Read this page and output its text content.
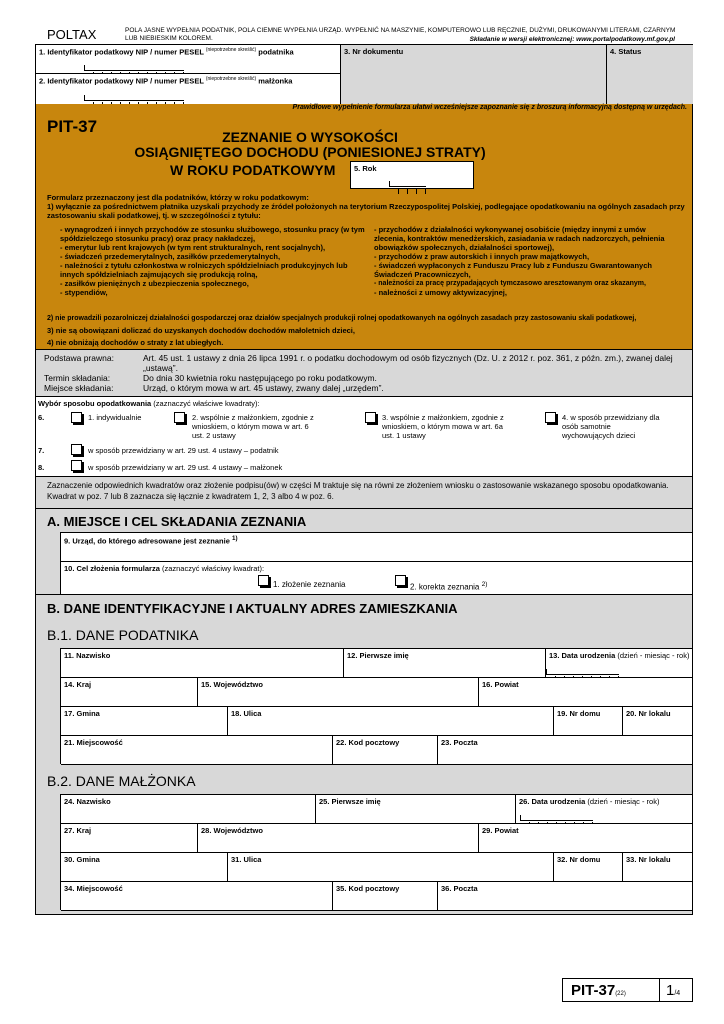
POLTAX	POLA JASNE WYPEŁNIA PODATNIK, POLA CIEMNE WYPEŁNIA URZĄD. WYPEŁNIĆ NA MASZYNIE, KOMPUTEROWO LUB RĘCZNIE, DUŻYMI, DRUKOWANYMI LITERAMI, CZARNYM LUB NIEBIESKIM KOLOREM.	Składanie w wersji elektronicznej: www.portalpodatkowy.mf.gov.pl
1. Identyfikator podatkowy NIP / numer PESEL $^{(niepotrzebne skreślić)}$ podatnika
2. Identyfikator podatkowy NIP / numer PESEL $^{(niepotrzebne skreślić)}$ małżonka
3. Nr dokumentu	4. Status
Prawidłowe wypełnienie formularza ułatwi wcześniejsze zapoznanie się z broszurą informacyjną dostępną w urzędach.
PIT-37
ZEZNANIE O WYSOKOŚCI
OSIĄGNIĘTEGO DOCHODU (PONIESIONEJ STRATY)
W ROKU PODATKOWYM 5. Rok
Formularz przeznaczony jest dla podatników, którzy w roku podatkowym:
1) wyłącznie za pośrednictwem płatnika uzyskali przychody ze źródeł położonych na terytorium Rzeczypospolitej Polskiej, podlegające opodatkowaniu na ogólnych zasadach przy zastosowaniu skali podatkowej, tj. w szczególności z tytułu:
- wynagrodzeń i innych przychodów ze stosunku służbowego, stosunku pracy (w tym spółdzielczego stosunku pracy) oraz pracy nakładczej,
- emerytur lub rent krajowych (w tym rent strukturalnych, rent socjalnych),
- świadczeń przedemerytalnych, zasiłków przedemerytalnych,
- należności z tytułu członkostwa w rolniczych spółdzielniach produkcyjnych lub innych spółdzielniach zajmujących się produkcją rolną,
- zasiłków pieniężnych z ubezpieczenia społecznego,
- stypendiów,
- przychodów z działalności wykonywanej osobiście (między innymi z umów zlecenia, kontraktów menedżerskich, zasiadania w radach nadzorczych, pełnienia obowiązków społecznych, działalności sportowej),
- przychodów z praw autorskich i innych praw majątkowych,
- świadczeń wypłaconych z Funduszu Pracy lub z Funduszu Gwarantowanych Świadczeń Pracowniczych,
- należności za pracę przypadających tymczasowo aresztowanym oraz skazanym,
- należności z umowy aktywizacyjnej,
2) nie prowadzili pozarolniczej działalności gospodarczej oraz działów specjalnych produkcji rolnej opodatkowanych na ogólnych zasadach przy zastosowaniu skali podatkowej,
3) nie są obowiązani doliczać do uzyskanych dochodów dochodów małoletnich dzieci,
4) nie obniżają dochodów o straty z lat ubiegłych.
Podstawa prawna:	Art. 45 ust. 1 ustawy z dnia 26 lipca 1991 r. o podatku dochodowym od osób fizycznych (Dz. U. z 2012 r. poz. 361, z późn. zm.), zwanej dalej „ustawą”.
Termin składania:	Do dnia 30 kwietnia roku następującego po roku podatkowym.
Miejsce składania:	Urząd, o którym mowa w art. 45 ustawy, zwany dalej „urzędem”.
Wybór sposobu opodatkowania (zaznaczyć właściwe kwadraty):
6.	1. indywidualnie	2. wspólnie z małżonkiem, zgodnie z wnioskiem, o którym mowa w art. 6 ust. 2 ustawy
3. wspólnie z małżonkiem, zgodnie z wnioskiem, o którym mowa w art. 6a ust. 1 ustawy
4. w sposób przewidziany dla osób samotnie wychowujących dzieci
7.	w sposób przewidziany w art. 29 ust. 4 ustawy – podatnik
8.	w sposób przewidziany w art. 29 ust. 4 ustawy – małżonek
Zaznaczenie odpowiednich kwadratów oraz złożenie podpisu(ów) w części M traktuje się na równi ze złożeniem wniosku o zastosowanie wskazanego sposobu opodatkowania. Kwadrat w poz. 7 lub 8 zaznacza się łącznie z kwadratem 1, 2, 3 albo 4 w poz. 6.
A. MIEJSCE I CEL SKŁADANIA ZEZNANIA
9. Urząd, do którego adresowane jest zeznanie $^{1)}$
10. Cel złożenia formularza (zaznaczyć właściwy kwadrat):
1. złożenie zeznania	2. korekta zeznania $^{2)}$
B. DANE IDENTYFIKACYJNE I AKTUALNY ADRES ZAMIESZKANIA
B.1. DANE PODATNIKA
11. Nazwisko	12. Pierwsze imię	13. Data urodzenia (dzień - miesiąc - rok)
14. Kraj	15. Województwo	16. Powiat
17. Gmina	18. Ulica	19. Nr domu	20. Nr lokalu
21. Miejscowość	22. Kod pocztowy	23. Poczta
B.2. DANE MAŁŻONKA
24. Nazwisko	25. Pierwsze imię	26. Data urodzenia (dzień - miesiąc - rok)
27. Kraj	28. Województwo	29. Powiat
30. Gmina	31. Ulica	32. Nr domu	33. Nr lokalu
34. Miejscowość	35. Kod pocztowy	36. Poczta
PIT-37(22)	1/4
